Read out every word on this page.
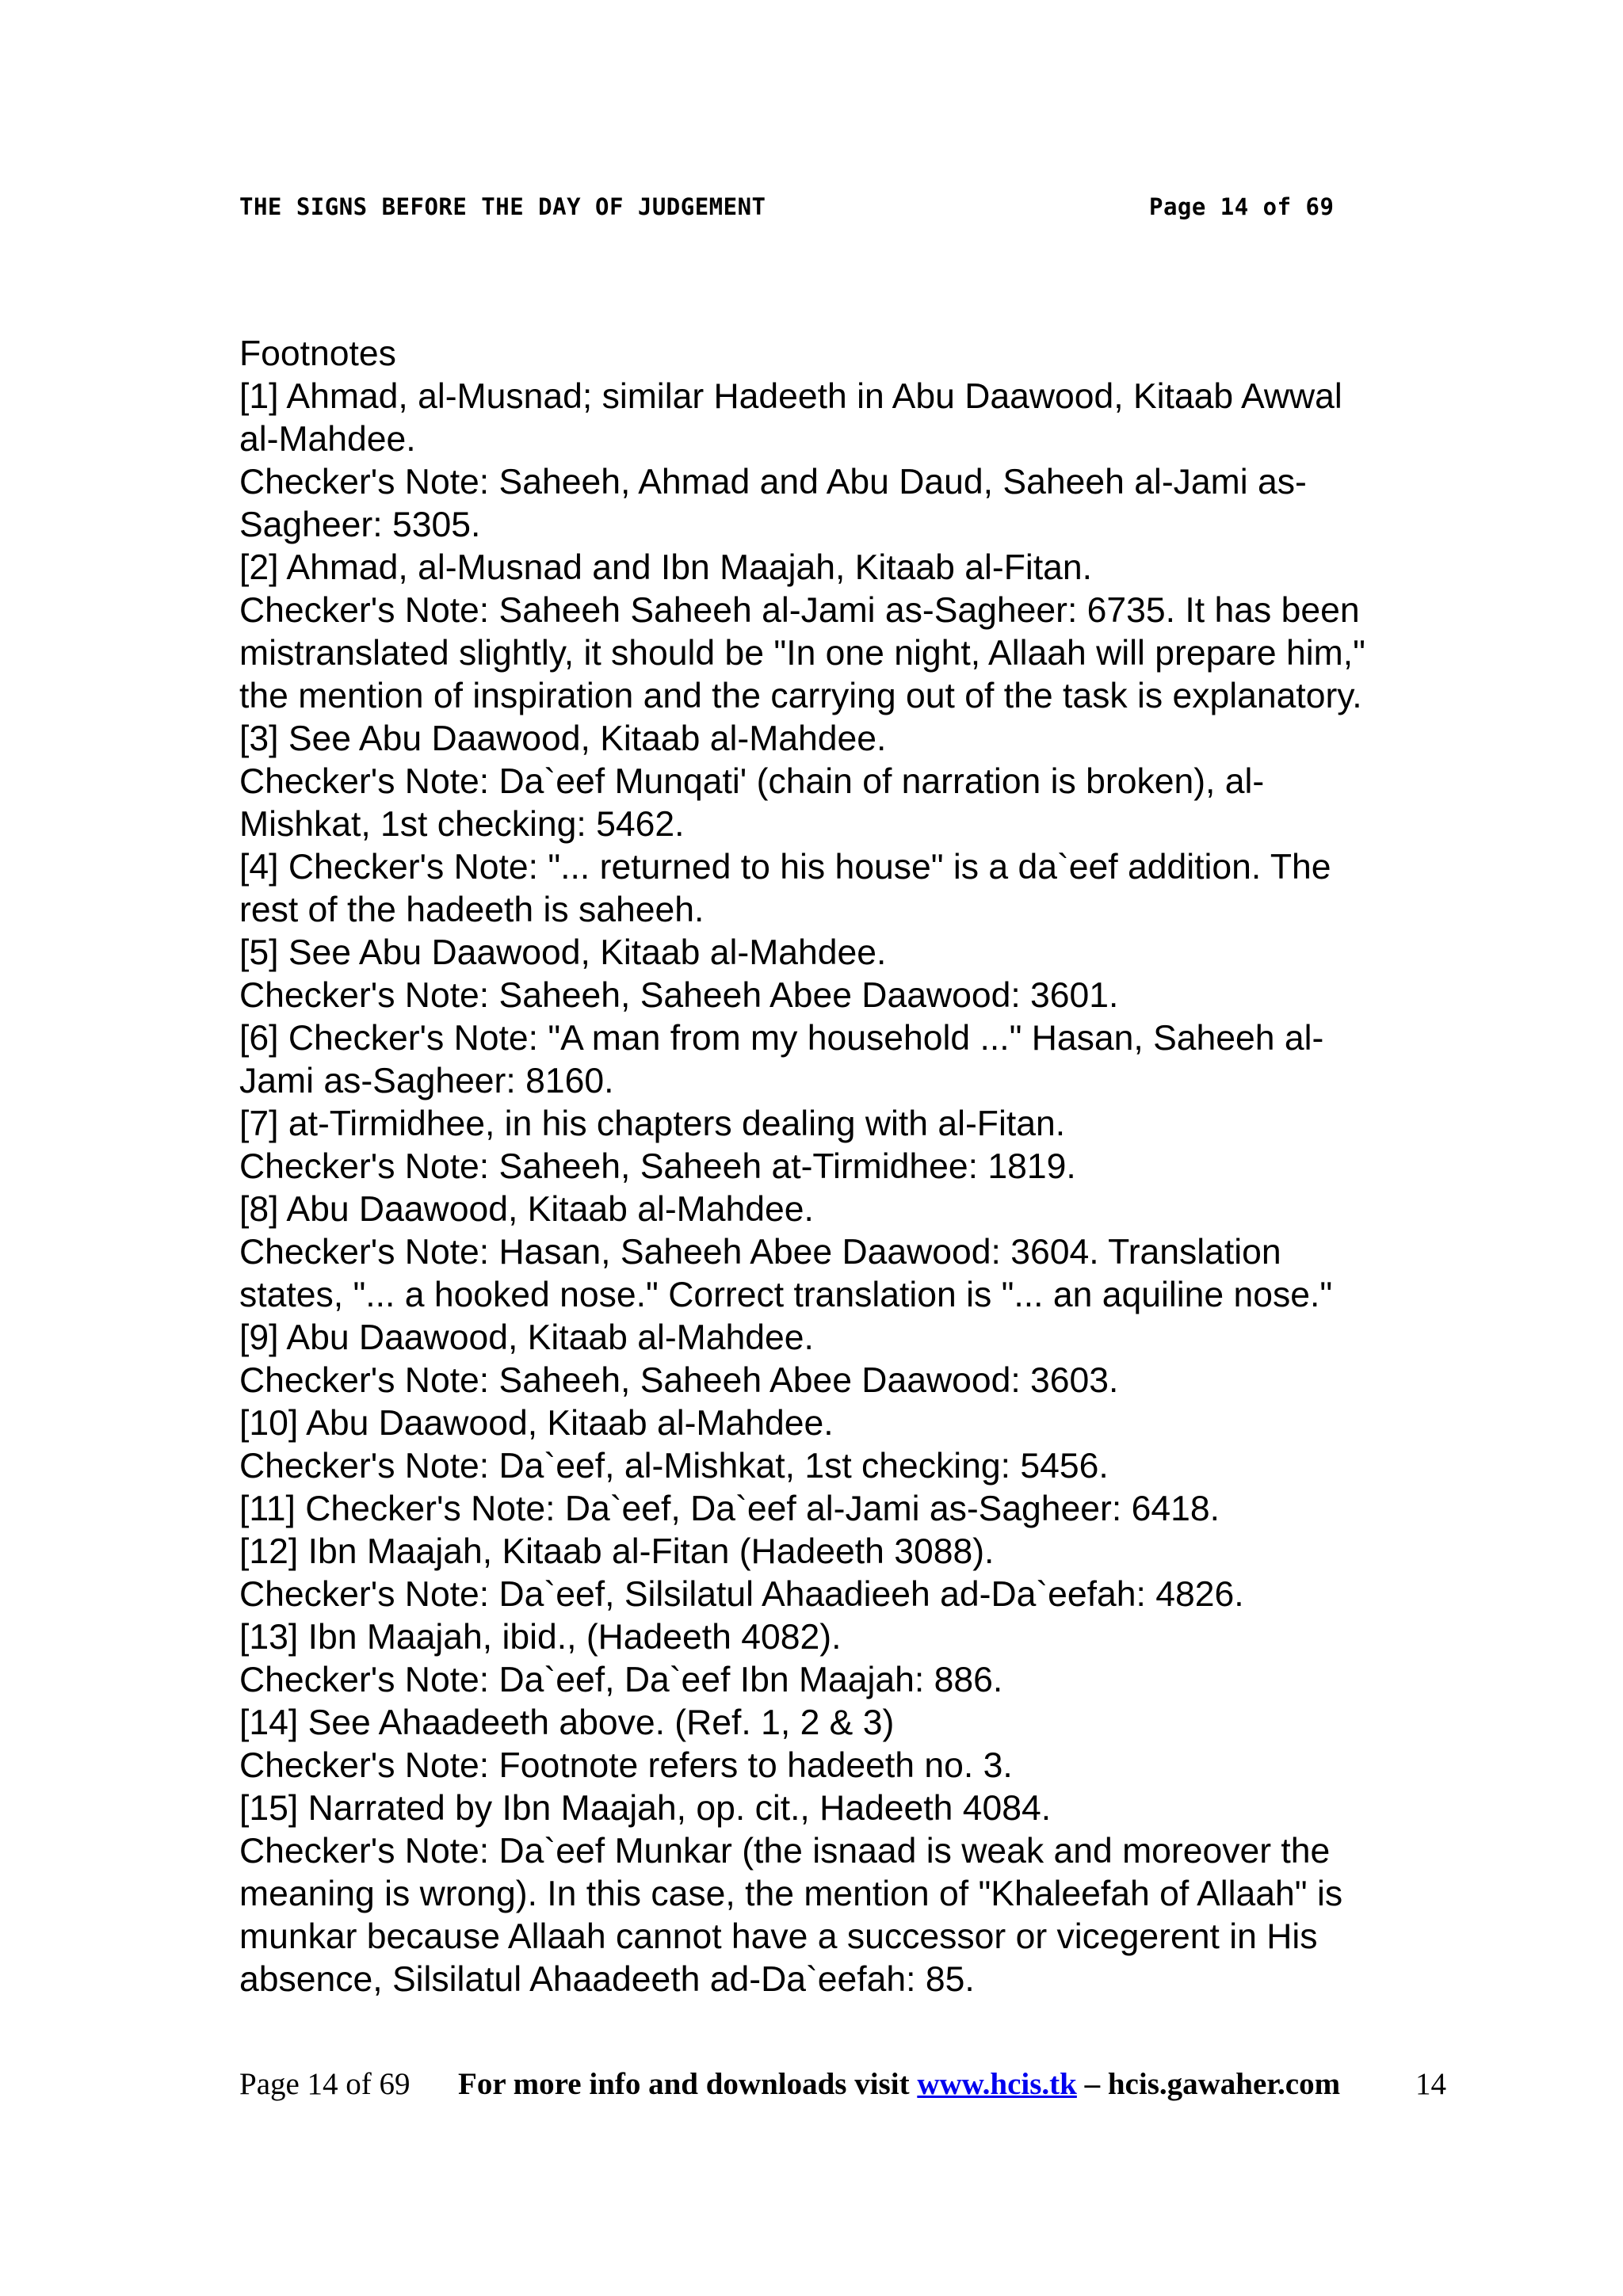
THE SIGNS BEFORE THE DAY OF JUDGEMENT	Page 14 of 69
Footnotes
[1] Ahmad, al-Musnad; similar Hadeeth in Abu Daawood, Kitaab Awwal
al-Mahdee.
Checker's Note: Saheeh, Ahmad and Abu Daud, Saheeh al-Jami as-
Sagheer: 5305.
[2] Ahmad, al-Musnad and Ibn Maajah, Kitaab al-Fitan.
Checker's Note: Saheeh Saheeh al-Jami as-Sagheer: 6735. It has been
mistranslated slightly, it should be "In one night, Allaah will prepare him,"
the mention of inspiration and the carrying out of the task is explanatory.
[3] See Abu Daawood, Kitaab al-Mahdee.
Checker's Note: Da`eef Munqati' (chain of narration is broken), al-
Mishkat, 1st checking: 5462.
[4] Checker's Note: "... returned to his house" is a da`eef addition. The
rest of the hadeeth is saheeh.
[5] See Abu Daawood, Kitaab al-Mahdee.
Checker's Note: Saheeh, Saheeh Abee Daawood: 3601.
[6] Checker's Note: "A man from my household ..." Hasan, Saheeh al-
Jami as-Sagheer: 8160.
[7] at-Tirmidhee, in his chapters dealing with al-Fitan.
Checker's Note: Saheeh, Saheeh at-Tirmidhee: 1819.
[8] Abu Daawood, Kitaab al-Mahdee.
Checker's Note: Hasan, Saheeh Abee Daawood: 3604. Translation
states, "... a hooked nose." Correct translation is "... an aquiline nose."
[9] Abu Daawood, Kitaab al-Mahdee.
Checker's Note: Saheeh, Saheeh Abee Daawood: 3603.
[10] Abu Daawood, Kitaab al-Mahdee.
Checker's Note: Da`eef, al-Mishkat, 1st checking: 5456.
[11] Checker's Note: Da`eef, Da`eef al-Jami as-Sagheer: 6418.
[12] Ibn Maajah, Kitaab al-Fitan (Hadeeth 3088).
Checker's Note: Da`eef, Silsilatul Ahaadieeh ad-Da`eefah: 4826.
[13] Ibn Maajah, ibid., (Hadeeth 4082).
Checker's Note: Da`eef, Da`eef Ibn Maajah: 886.
[14] See Ahaadeeth above. (Ref. 1, 2 & 3)
Checker's Note: Footnote refers to hadeeth no. 3.
[15] Narrated by Ibn Maajah, op. cit., Hadeeth 4084.
Checker's Note: Da`eef Munkar (the isnaad is weak and moreover the
meaning is wrong). In this case, the mention of "Khaleefah of Allaah" is
munkar because Allaah cannot have a successor or vicegerent in His
absence, Silsilatul Ahaadeeth ad-Da`eefah: 85.
Page 14 of 69 For more info and downloads visit www.hcis.tk – hcis.gawaher.com 14
